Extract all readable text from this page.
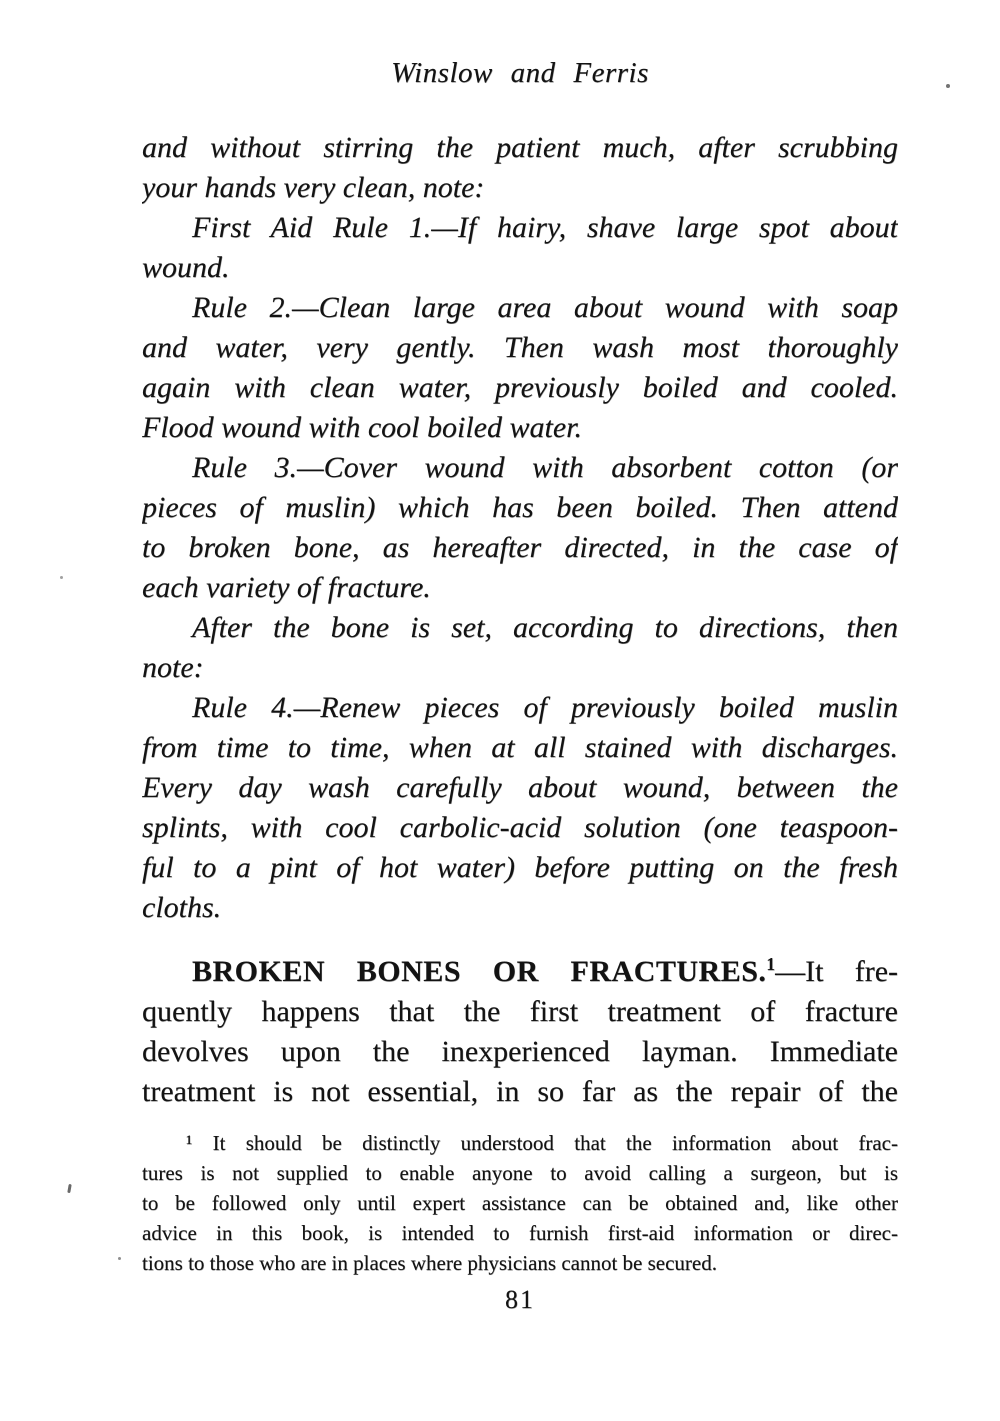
Winslow and Ferris
and without stirring the patient much, after scrubbing
your hands very clean, note:
First Aid Rule 1.—If hairy, shave large spot about
wound.
Rule 2.—Clean large area about wound with soap
and water, very gently. Then wash most thoroughly
again with clean water, previously boiled and cooled.
Flood wound with cool boiled water.
Rule 3.—Cover wound with absorbent cotton (or
pieces of muslin) which has been boiled. Then attend
to broken bone, as hereafter directed, in the case of
each variety of fracture.
After the bone is set, according to directions, then
note:
Rule 4.—Renew pieces of previously boiled muslin
from time to time, when at all stained with discharges.
Every day wash carefully about wound, between the
splints, with cool carbolic-acid solution (one teaspoon-
ful to a pint of hot water) before putting on the fresh
cloths.
BROKEN BONES OR FRACTURES.$^1$—It fre-
quently happens that the first treatment of fracture
devolves upon the inexperienced layman. Immediate
treatment is not essential, in so far as the repair of the
¹ It should be distinctly understood that the information about frac-
tures is not supplied to enable anyone to avoid calling a surgeon, but is
to be followed only until expert assistance can be obtained and, like other
advice in this book, is intended to furnish first-aid information or direc-
tions to those who are in places where physicians cannot be secured.
81
